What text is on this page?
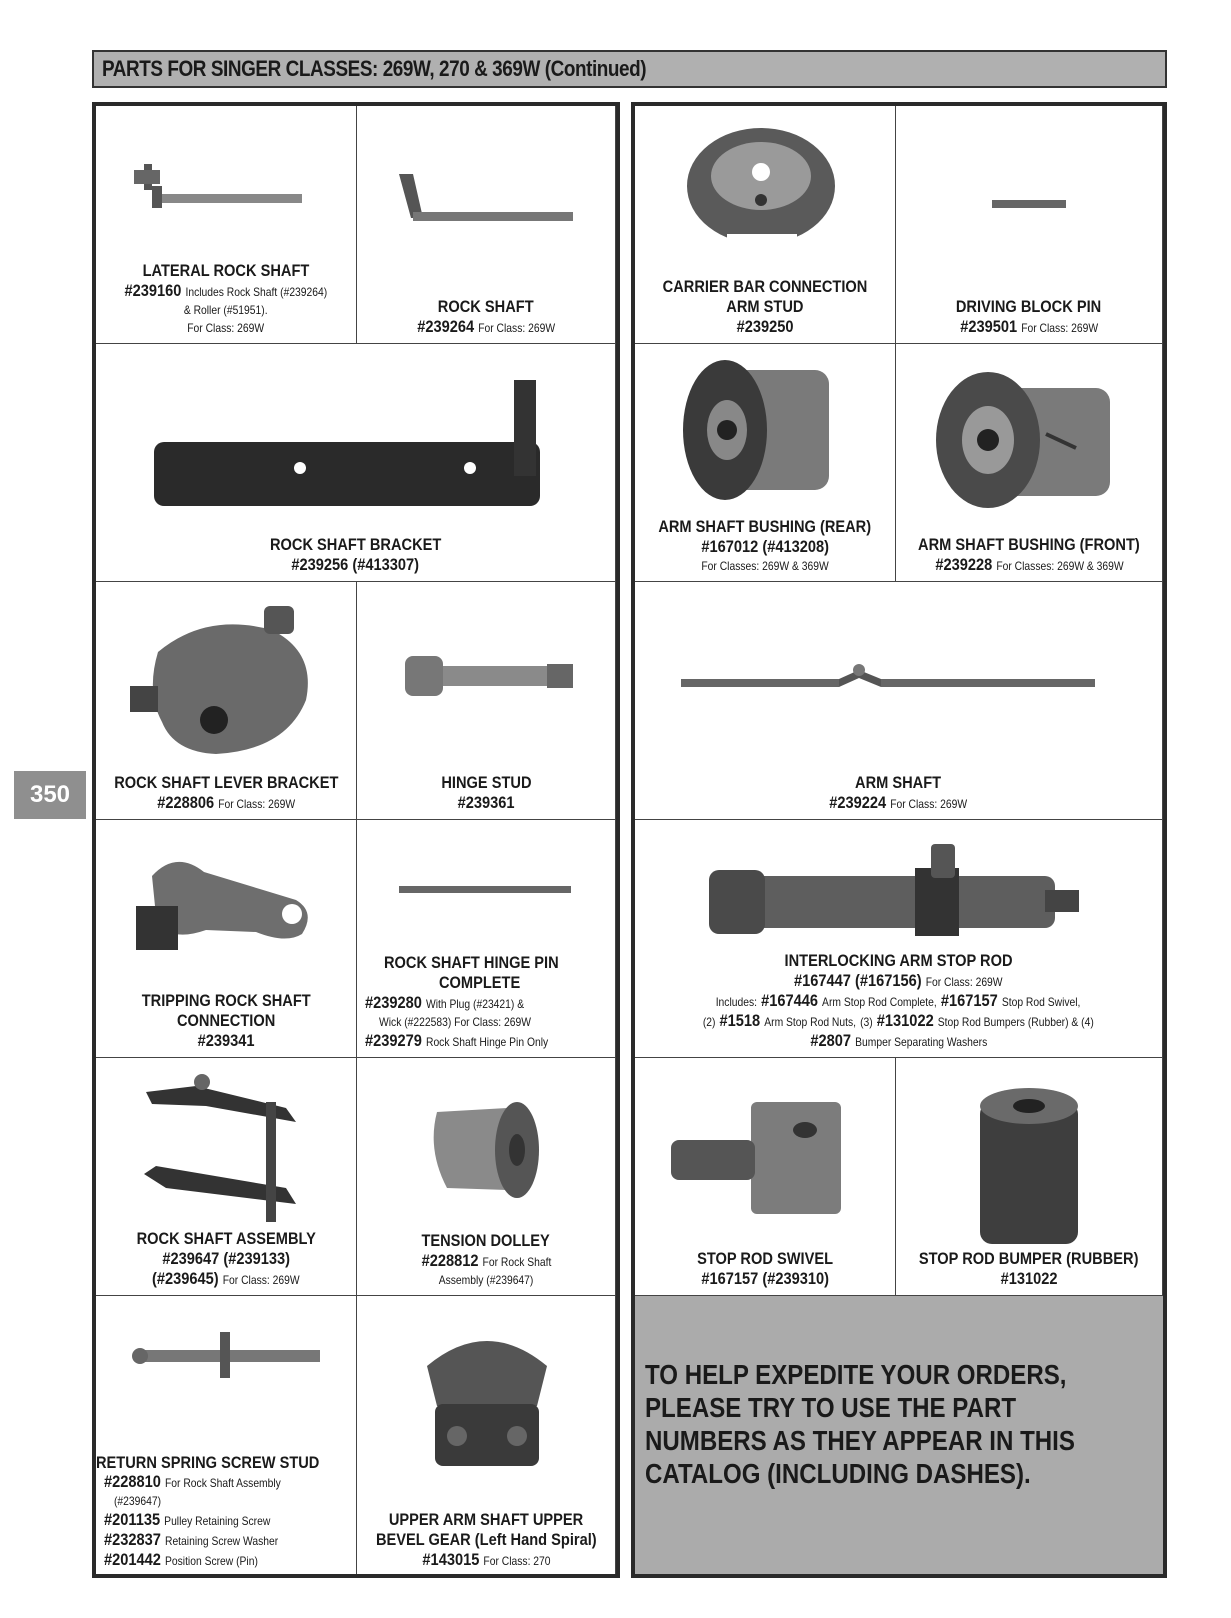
PARTS FOR SINGER CLASSES: 269W, 270 & 369W (Continued)
350
LATERAL ROCK SHAFT
#239160 Includes Rock Shaft (#239264)
& Roller (#51951).
For Class: 269W
ROCK SHAFT
#239264 For Class: 269W
ROCK SHAFT BRACKET
#239256 (#413307)
ROCK SHAFT LEVER BRACKET
#228806 For Class: 269W
HINGE STUD
#239361
TRIPPING ROCK SHAFT
CONNECTION
#239341
ROCK SHAFT HINGE PIN
COMPLETE
#239280 With Plug (#23421) &
Wick (#222583) For Class: 269W
#239279 Rock Shaft Hinge Pin Only
ROCK SHAFT ASSEMBLY
#239647 (#239133)
(#239645) For Class: 269W
TENSION DOLLEY
#228812 For Rock Shaft
Assembly (#239647)
RETURN SPRING SCREW STUD
#228810 For Rock Shaft Assembly
(#239647)
#201135 Pulley Retaining Screw
#232837 Retaining Screw Washer
#201442 Position Screw (Pin)
UPPER ARM SHAFT UPPER
BEVEL GEAR (Left Hand Spiral)
#143015 For Class: 270
CARRIER BAR CONNECTION
ARM STUD
#239250
DRIVING BLOCK PIN
#239501 For Class: 269W
ARM SHAFT BUSHING (REAR)
#167012 (#413208)
For Classes: 269W & 369W
ARM SHAFT BUSHING (FRONT)
#239228 For Classes: 269W & 369W
ARM SHAFT
#239224 For Class: 269W
INTERLOCKING ARM STOP ROD
#167447 (#167156) For Class: 269W
Includes: #167446 Arm Stop Rod Complete, #167157 Stop Rod Swivel,
(2) #1518 Arm Stop Rod Nuts, (3) #131022 Stop Rod Bumpers (Rubber) & (4)
#2807 Bumper Separating Washers
STOP ROD SWIVEL
#167157 (#239310)
STOP ROD BUMPER (RUBBER)
#131022

TO HELP EXPEDITE YOUR ORDERS, PLEASE TRY TO USE THE PART NUMBERS AS THEY APPEAR IN THIS CATALOG (INCLUDING DASHES).
